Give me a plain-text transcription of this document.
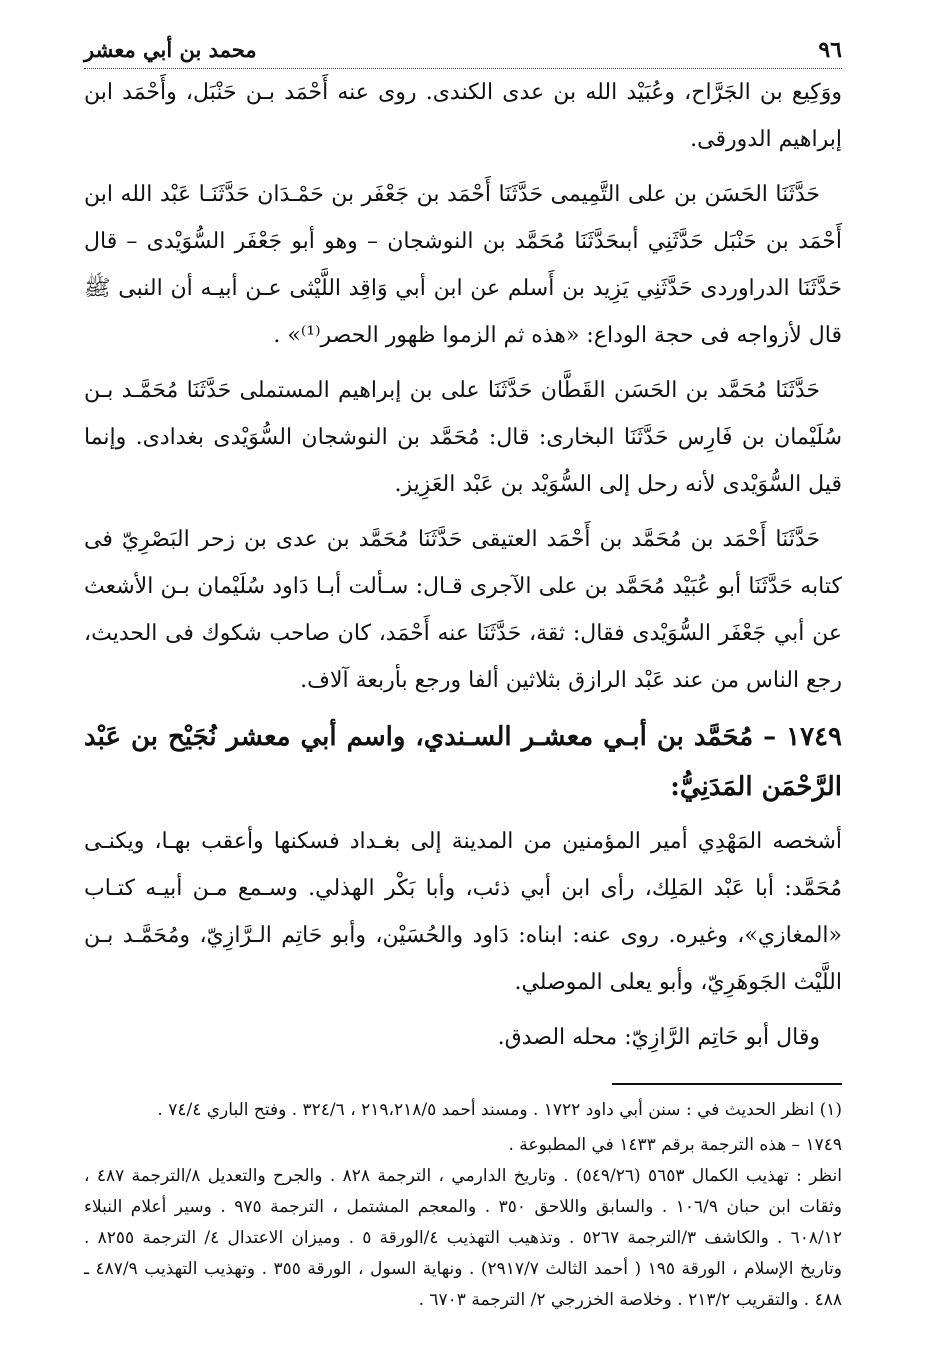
٩٦
محمد بن أبي معشر

ووَكِيع بن الجَرَّاح، وعُبَيْد الله بن عدى الكندى. روى عنه أَحْمَد بـن حَنْبَل، وأَحْمَد ابن إبراهيم الدورقى.

حَدَّثَنَا الحَسَن بن على التَّمِيمى حَدَّثَنَا أَحْمَد بن جَعْفَر بن حَمْـدَان حَدَّثَنَـا عَبْد الله ابن أَحْمَد بن حَنْبَل حَدَّثَنِي أبىحَدَّثَنَا مُحَمَّد بن النوشجان – وهو أبو جَعْفَر السُّوَيْدى – قال حَدَّثَنَا الدراوردى حَدَّثَنِي يَزِيد بن أَسلم عن ابن أبي وَاقِد اللَّيْثى عـن أبيـه أن النبى ﷺ قال لأزواجه فى حجة الوداع: «هذه ثم الزموا ظهور الحصر⁽¹⁾» .

حَدَّثَنَا مُحَمَّد بن الحَسَن القَطَّان حَدَّثَنَا على بن إبراهيم المستملى حَدَّثَنَا مُحَمَّـد بـن سُلَيْمان بن فَارِس حَدَّثَنَا البخارى: قال: مُحَمَّد بن النوشجان السُّوَيْدى بغدادى. وإنما قيل السُّوَيْدى لأنه رحل إلى السُّوَيْد بن عَبْد العَزِيز.

حَدَّثَنَا أَحْمَد بن مُحَمَّد بن أَحْمَد العتيقى حَدَّثَنَا مُحَمَّد بن عدى بن زحر البَصْرِيّ فى كتابه حَدَّثَنَا أبو عُبَيْد مُحَمَّد بن على الآجرى قـال: سـألت أبـا دَاود سُلَيْمان بـن الأشعث عن أبي جَعْفَر السُّوَيْدى فقال: ثقة، حَدَّثَنَا عنه أَحْمَد، كان صاحب شكوك فى الحديث، رجع الناس من عند عَبْد الرازق بثلاثين ألفا ورجع بأربعة آلاف.

١٧٤٩ – مُحَمَّد بن أبـي معشـر السـندي، واسم أبي معشر نُجَيْح بن عَبْد الرَّحْمَن المَدَنِيُّ:

أشخصه المَهْدِي أمير المؤمنين من المدينة إلى بغـداد فسكنها وأعقب بهـا، ويكنـى مُحَمَّد: أبا عَبْد المَلِك، رأى ابن أبي ذئب، وأبا بَكْر الهذلي. وسـمع مـن أبيـه كتـاب «المغازي»، وغيره. روى عنه: ابناه: دَاود والحُسَيْن، وأبو حَاتِم الـرَّازِيّ، ومُحَمَّـد بـن اللَّيْث الجَوهَرِيّ، وأبو يعلى الموصلي.

وقال أبو حَاتِم الرَّازِيّ: محله الصدق.

(١) انظر الحديث في : سنن أبي داود ١٧٢٢ . ومسند أحمد ٢١٩،٢١٨/٥ ، ٣٢٤/٦ . وفتح الباري ٧٤/٤ .

١٧٤٩ – هذه الترجمة برقم ١٤٣٣ في المطبوعة .

انظر : تهذيب الكمال ٥٦٥٣ (٥٤٩/٢٦) . وتاريخ الدارمي ، الترجمة ٨٢٨ . والجرح والتعديل ٨/الترجمة ٤٨٧ ، وثقات ابن حبان ١٠٦/٩ . والسابق واللاحق ٣٥٠ . والمعجم المشتمل ، الترجمة ٩٧٥ . وسير أعلام النبلاء ٦٠٨/١٢ . والكاشف ٣/الترجمة ٥٢٦٧ . وتذهيب التهذيب ٤/الورقة ٥ . وميزان الاعتدال ٤/ الترجمة ٨٢٥٥ . وتاريخ الإسلام ، الورقة ١٩٥ ( أحمد الثالث ٢٩١٧/٧) . ونهاية السول ، الورقة ٣٥٥ . وتهذيب التهذيب ٤٨٧/٩ ـ ٤٨٨ . والتقريب ٢١٣/٢ . وخلاصة الخزرجي ٢/ الترجمة ٦٧٠٣ .
